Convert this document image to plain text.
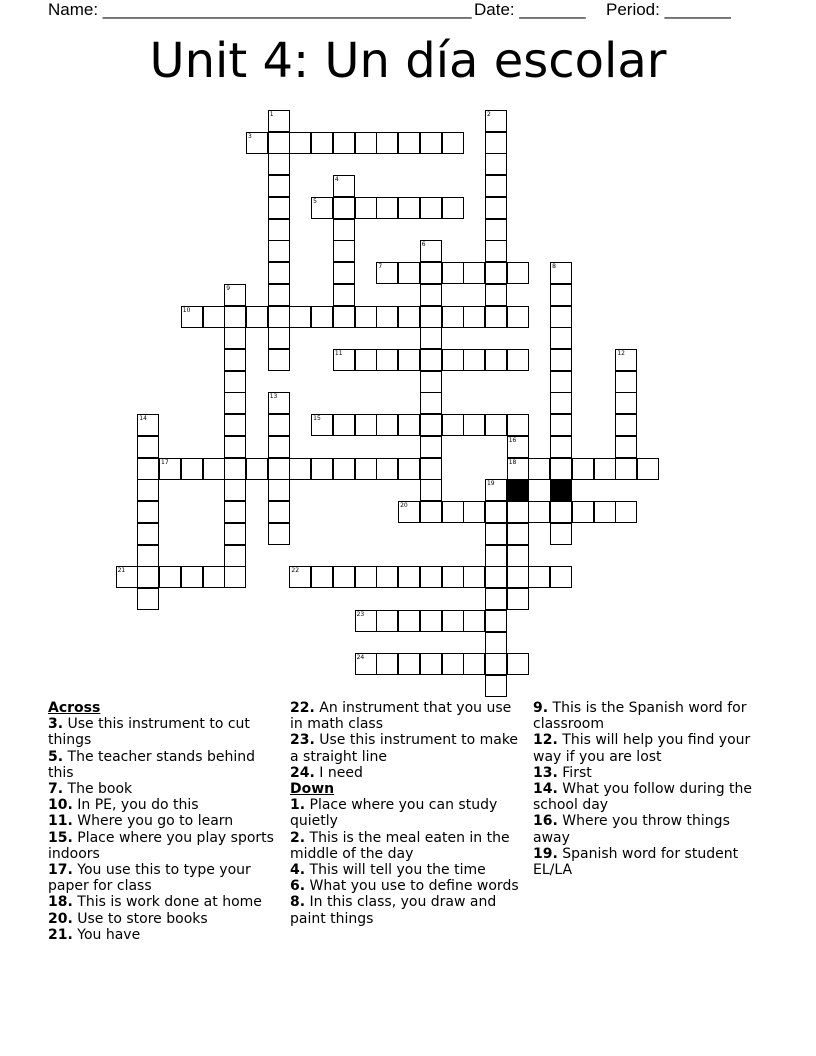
Name: _______________________________________ Date: _______ Period: _______
Unit 4: Un día escolar
1	2
3
4
5
6
7	8
9
10
11	12
13
14	15
16
18
17
19
20
21	22
23
24
Across
3. Use this instrument to cut things
5. The teacher stands behind this
7. The book
10. In PE, you do this
11. Where you go to learn
15. Place where you play sports indoors
17. You use this to type your paper for class
18. This is work done at home
20. Use to store books
21. You have
22. An instrument that you use in math class
23. Use this instrument to make a straight line
24. I need
Down
1. Place where you can study quietly
2. This is the meal eaten in the middle of the day
4. This will tell you the time
6. What you use to define words
8. In this class, you draw and paint things
9. This is the Spanish word for classroom
12. This will help you find your way if you are lost
13. First
14. What you follow during the school day
16. Where you throw things away
19. Spanish word for student EL/LA
